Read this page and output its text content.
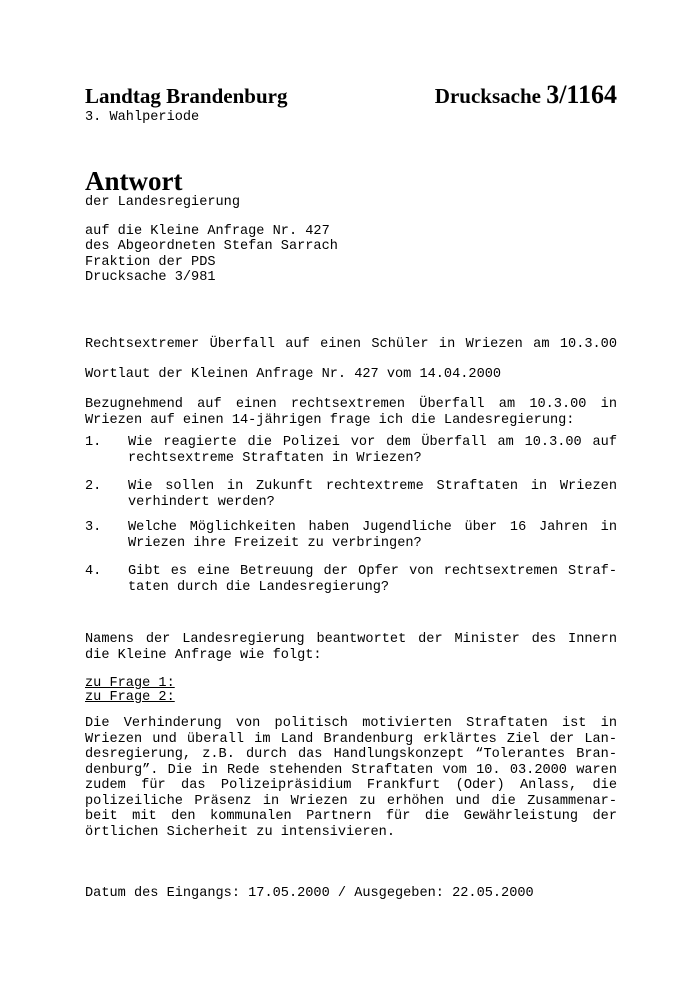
Landtag Brandenburg	Drucksache 3/1164
3. Wahlperiode
Antwort
der Landesregierung
auf die Kleine Anfrage Nr. 427
des Abgeordneten Stefan Sarrach
Fraktion der PDS
Drucksache 3/981
Rechtsextremer Überfall auf einen Schüler in Wriezen am 10.3.00
Wortlaut der Kleinen Anfrage Nr. 427 vom 14.04.2000
Bezugnehmend auf einen rechtsextremen Überfall am 10.3.00 in
Wriezen auf einen 14-jährigen frage ich die Landesregierung:
1. Wie reagierte die Polizei vor dem Überfall am 10.3.00 auf
rechtsextreme Straftaten in Wriezen?
2. Wie sollen in Zukunft rechtextreme Straftaten in Wriezen
verhindert werden?
3. Welche Möglichkeiten haben Jugendliche über 16 Jahren in
Wriezen ihre Freizeit zu verbringen?
4. Gibt es eine Betreuung der Opfer von rechtsextremen Straf-
taten durch die Landesregierung?
Namens der Landesregierung beantwortet der Minister des Innern
die Kleine Anfrage wie folgt:
zu Frage 1:
zu Frage 2:
Die Verhinderung von politisch motivierten Straftaten ist in
Wriezen und überall im Land Brandenburg erklärtes Ziel der Lan-
desregierung, z.B. durch das Handlungskonzept “Tolerantes Bran-
denburg”. Die in Rede stehenden Straftaten vom 10. 03.2000 waren
zudem für das Polizeipräsidium Frankfurt (Oder) Anlass, die
polizeiliche Präsenz in Wriezen zu erhöhen und die Zusammenar-
beit mit den kommunalen Partnern für die Gewährleistung der
örtlichen Sicherheit zu intensivieren.
Datum des Eingangs: 17.05.2000 / Ausgegeben: 22.05.2000
